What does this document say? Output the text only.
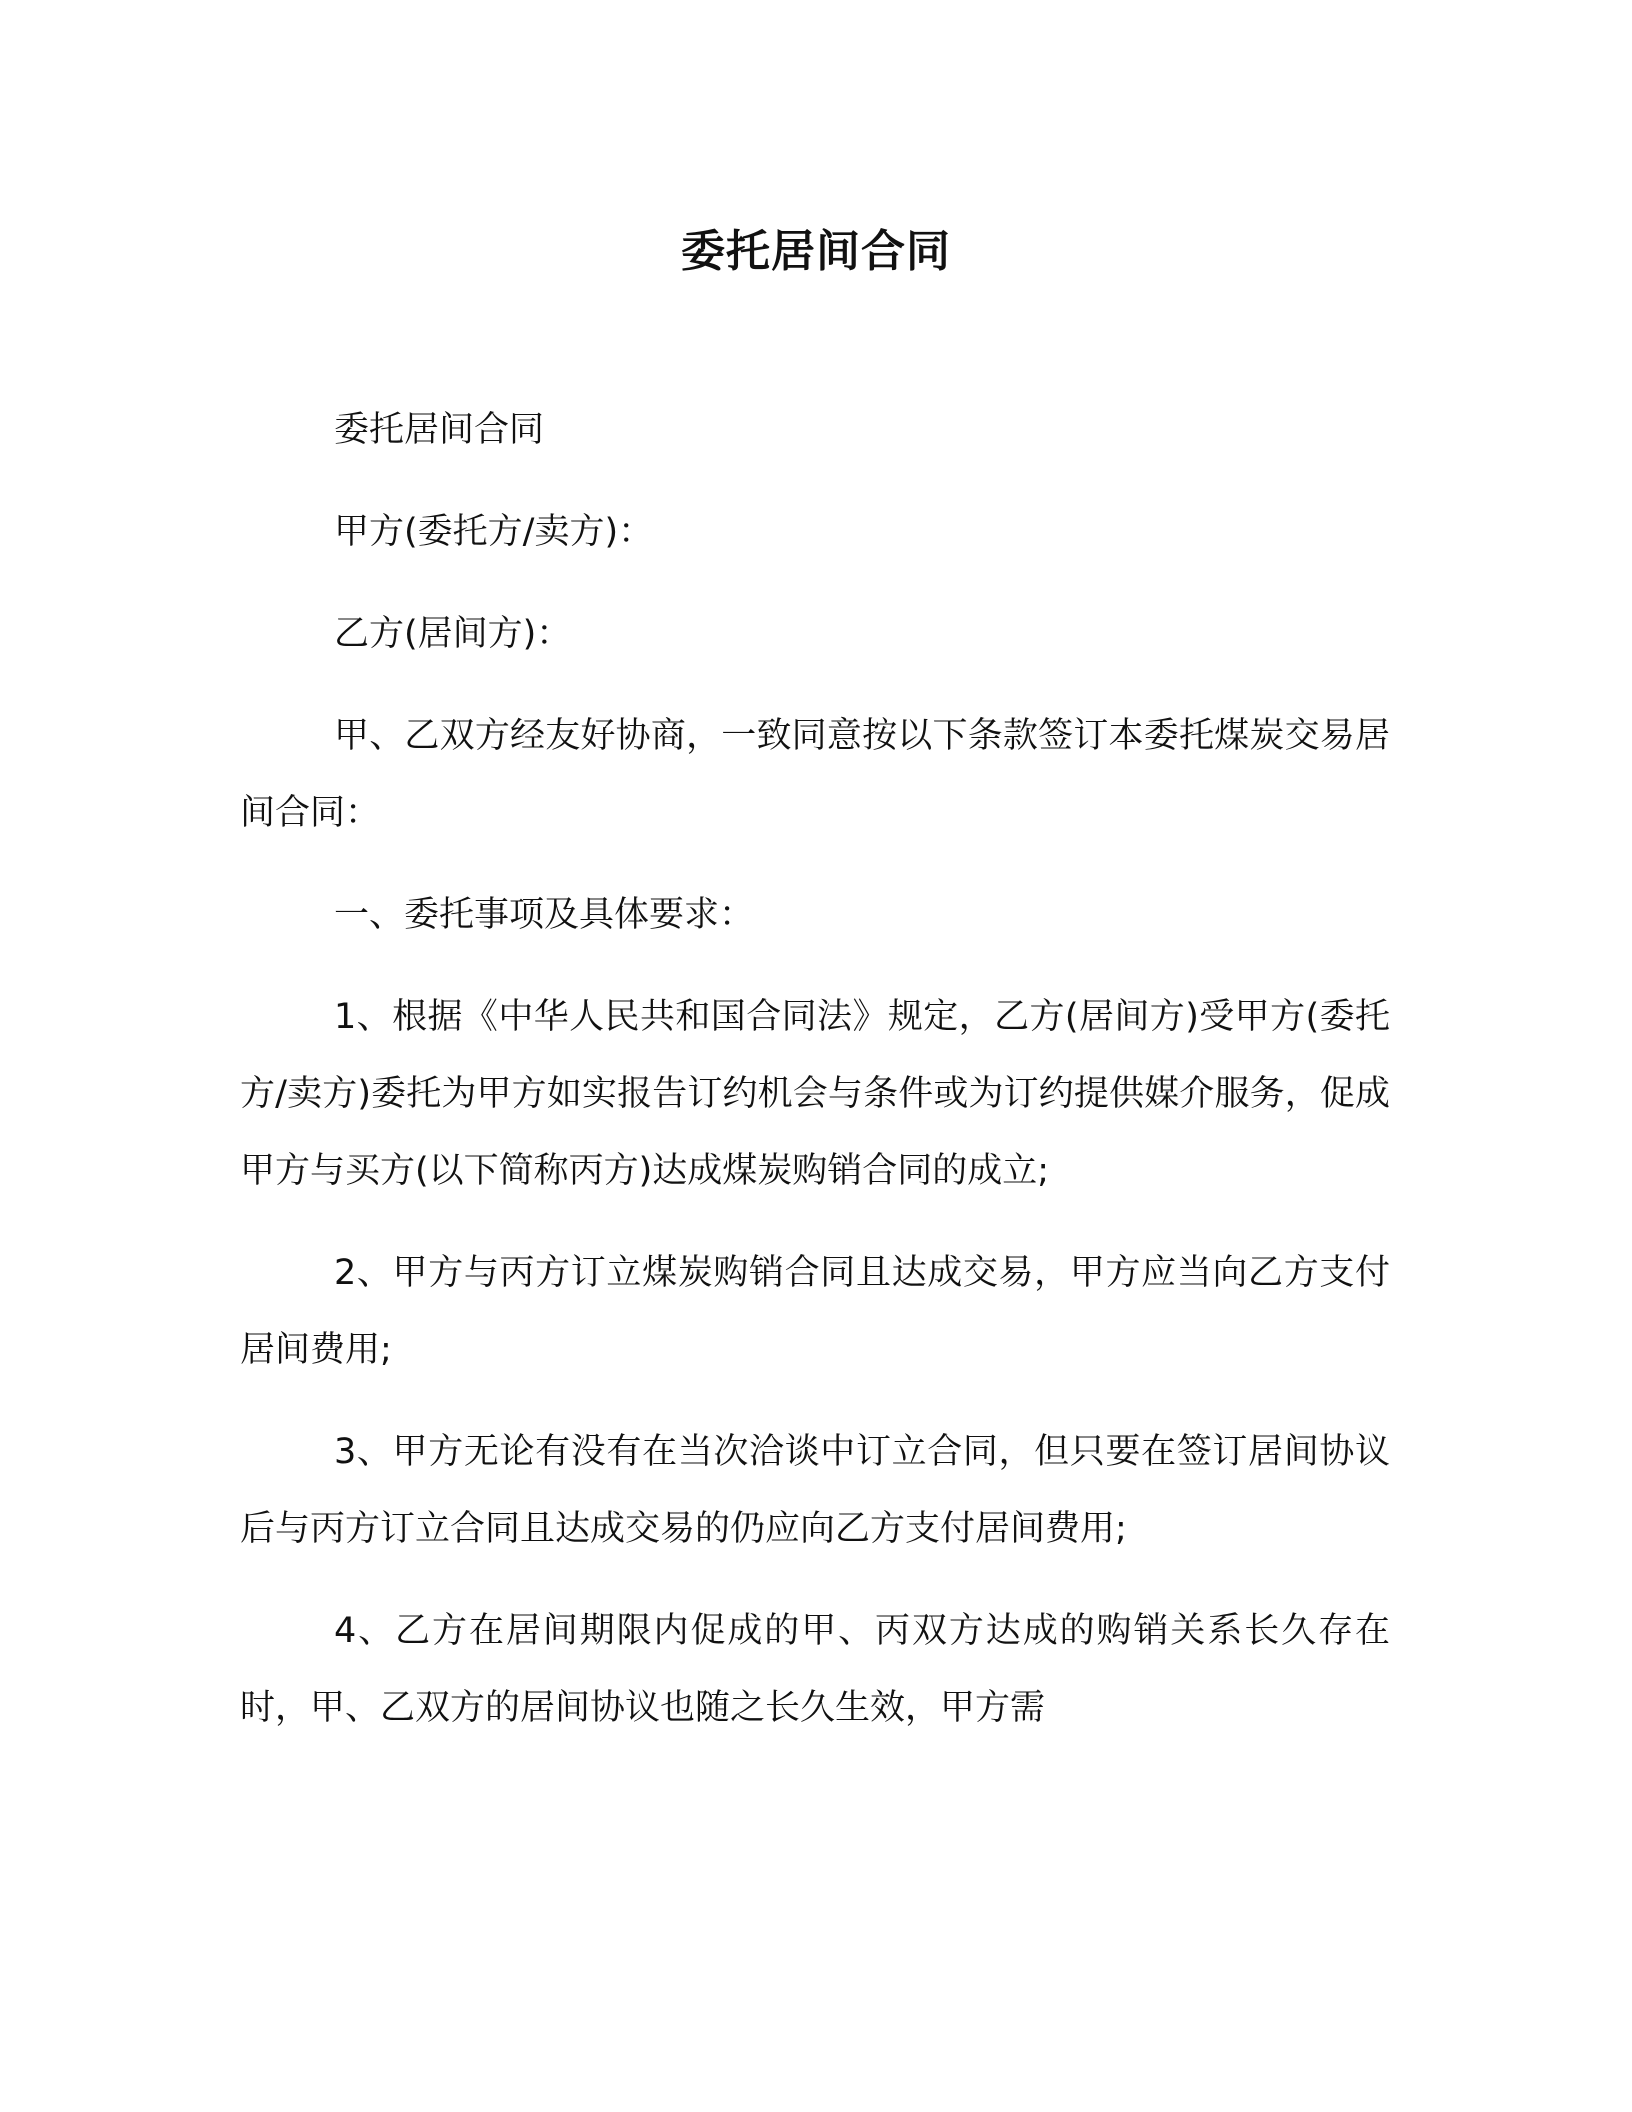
委托居间合同

委托居间合同

甲方(委托方/卖方)：

乙方(居间方)：

甲、乙双方经友好协商，一致同意按以下条款签订本委托煤炭交易居间合同：

一、委托事项及具体要求：

1、根据《中华人民共和国合同法》规定，乙方(居间方)受甲方(委托方/卖方)委托为甲方如实报告订约机会与条件或为订约提供媒介服务，促成甲方与买方(以下简称丙方)达成煤炭购销合同的成立;

2、甲方与丙方订立煤炭购销合同且达成交易，甲方应当向乙方支付居间费用;

3、甲方无论有没有在当次洽谈中订立合同，但只要在签订居间协议后与丙方订立合同且达成交易的仍应向乙方支付居间费用;

4、乙方在居间期限内促成的甲、丙双方达成的购销关系长久存在时，甲、乙双方的居间协议也随之长久生效，甲方需
